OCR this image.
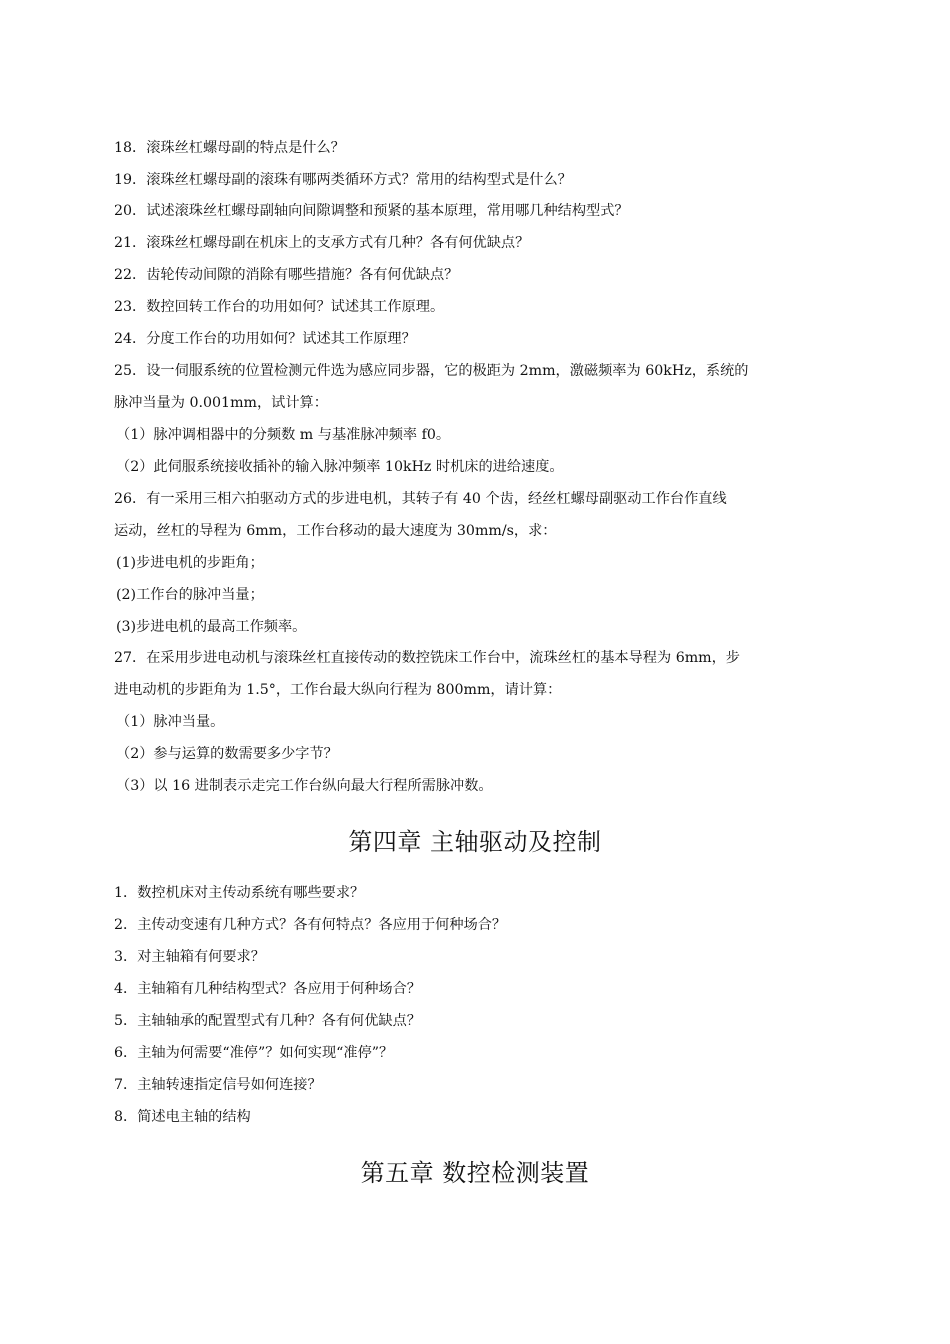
18．滚珠丝杠螺母副的特点是什么？
19．滚珠丝杠螺母副的滚珠有哪两类循环方式？常用的结构型式是什么？
20．试述滚珠丝杠螺母副轴向间隙调整和预紧的基本原理，常用哪几种结构型式？
21．滚珠丝杠螺母副在机床上的支承方式有几种？各有何优缺点？
22．齿轮传动间隙的消除有哪些措施？各有何优缺点？
23．数控回转工作台的功用如何？试述其工作原理。
24．分度工作台的功用如何？试述其工作原理？
25．设一伺服系统的位置检测元件选为感应同步器，它的极距为 2mm，激磁频率为 60kHz，系统的
脉冲当量为 0.001mm，试计算：
（1）脉冲调相器中的分频数 m 与基准脉冲频率 f0。
（2）此伺服系统接收插补的输入脉冲频率 10kHz 时机床的进给速度。
26．有一采用三相六拍驱动方式的步进电机，其转子有 40 个齿，经丝杠螺母副驱动工作台作直线
运动，丝杠的导程为 6mm，工作台移动的最大速度为 30mm/s，求：
(1)步进电机的步距角；
(2)工作台的脉冲当量；
(3)步进电机的最高工作频率。
27．在采用步进电动机与滚珠丝杠直接传动的数控铣床工作台中，流珠丝杠的基本导程为 6mm，步
进电动机的步距角为 1.5°，工作台最大纵向行程为 800mm，请计算：
（1）脉冲当量。
（2）参与运算的数需要多少字节？
（3）以 16 进制表示走完工作台纵向最大行程所需脉冲数。
第四章 主轴驱动及控制
1．数控机床对主传动系统有哪些要求？
2．主传动变速有几种方式？各有何特点？各应用于何种场合？
3．对主轴箱有何要求？
4．主轴箱有几种结构型式？各应用于何种场合？
5．主轴轴承的配置型式有几种？各有何优缺点？
6．主轴为何需要“准停”？如何实现“准停”？
7．主轴转速指定信号如何连接？
8．简述电主轴的结构
第五章 数控检测装置
